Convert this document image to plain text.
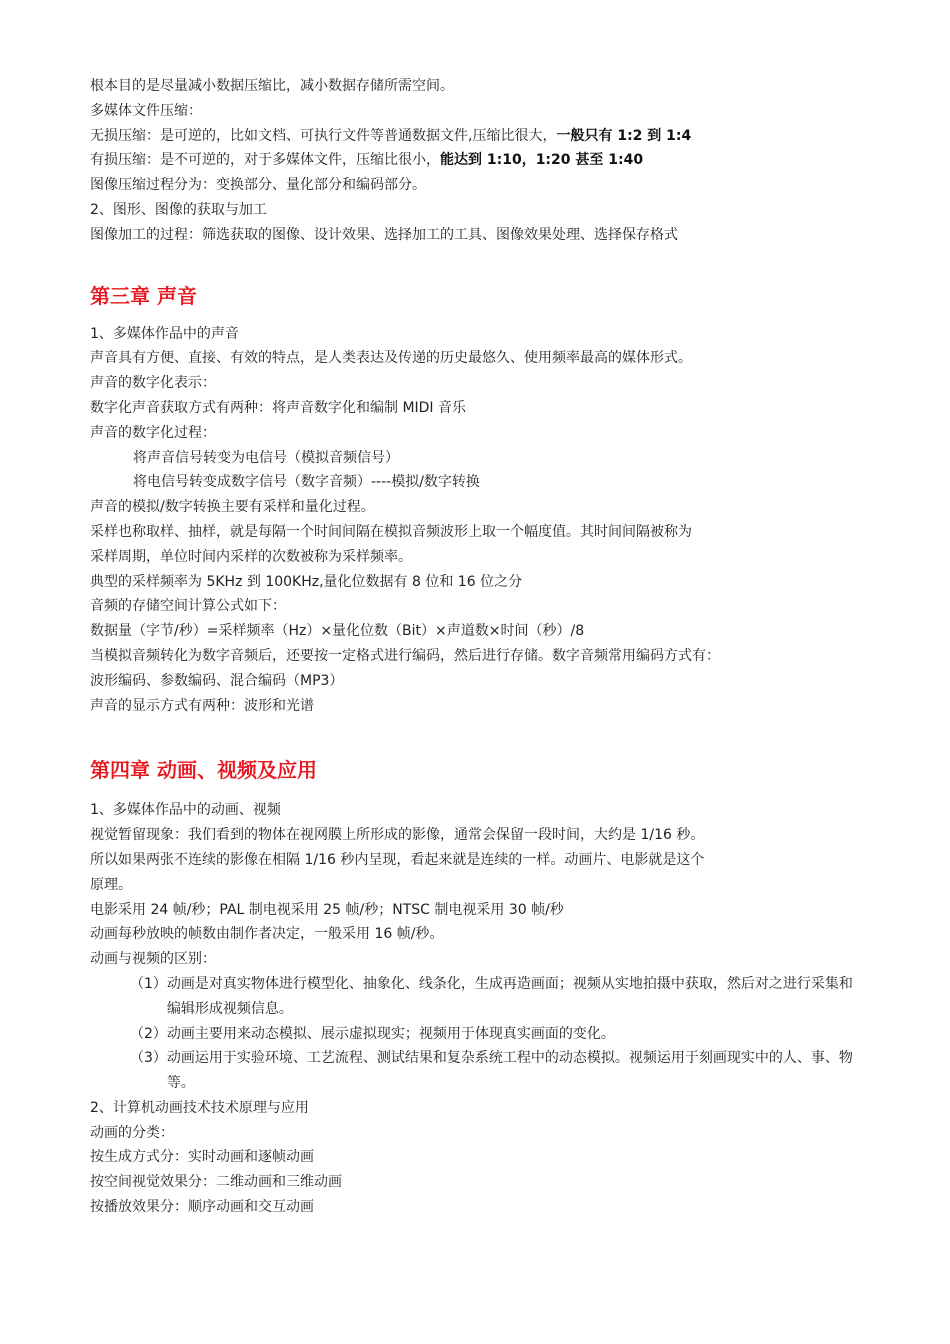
根本目的是尽量减小数据压缩比，减小数据存储所需空间。

多媒体文件压缩：

无损压缩：是可逆的，比如文档、可执行文件等普通数据文件,压缩比很大，一般只有 1:2 到 1:4

有损压缩：是不可逆的，对于多媒体文件，压缩比很小，能达到 1:10，1:20 甚至 1:40

图像压缩过程分为：变换部分、量化部分和编码部分。

2、图形、图像的获取与加工

图像加工的过程：筛选获取的图像、设计效果、选择加工的工具、图像效果处理、选择保存格式

第三章 声音

1、多媒体作品中的声音

声音具有方便、直接、有效的特点，是人类表达及传递的历史最悠久、使用频率最高的媒体形式。

声音的数字化表示：

数字化声音获取方式有两种：将声音数字化和编制 MIDI 音乐

声音的数字化过程：

将声音信号转变为电信号（模拟音频信号）

将电信号转变成数字信号（数字音频）----模拟/数字转换

声音的模拟/数字转换主要有采样和量化过程。

采样也称取样、抽样，就是每隔一个时间间隔在模拟音频波形上取一个幅度值。其时间间隔被称为

采样周期，单位时间内采样的次数被称为采样频率。

典型的采样频率为 5KHz 到 100KHz,量化位数据有 8 位和 16 位之分

音频的存储空间计算公式如下：

数据量（字节/秒）=采样频率（Hz）×量化位数（Bit）×声道数×时间（秒）/8

当模拟音频转化为数字音频后，还要按一定格式进行编码，然后进行存储。数字音频常用编码方式有：

波形编码、参数编码、混合编码（MP3）

声音的显示方式有两种：波形和光谱

第四章 动画、视频及应用

1、多媒体作品中的动画、视频

视觉暂留现象：我们看到的物体在视网膜上所形成的影像，通常会保留一段时间，大约是 1/16 秒。

所以如果两张不连续的影像在相隔 1/16 秒内呈现，看起来就是连续的一样。动画片、电影就是这个

原理。

电影采用 24 帧/秒；PAL 制电视采用 25 帧/秒；NTSC 制电视采用 30 帧/秒

动画每秒放映的帧数由制作者决定，一般采用 16 帧/秒。

动画与视频的区别：

（1） 动画是对真实物体进行模型化、抽象化、线条化，生成再造画面；视频从实地拍摄中获取，然后对之进行采集和编辑形成视频信息。
（2） 动画主要用来动态模拟、展示虚拟现实；视频用于体现真实画面的变化。
（3） 动画运用于实验环境、工艺流程、测试结果和复杂系统工程中的动态模拟。视频运用于刻画现实中的人、事、物等。

2、计算机动画技术技术原理与应用

动画的分类：

按生成方式分：实时动画和逐帧动画

按空间视觉效果分：二维动画和三维动画

按播放效果分：顺序动画和交互动画
